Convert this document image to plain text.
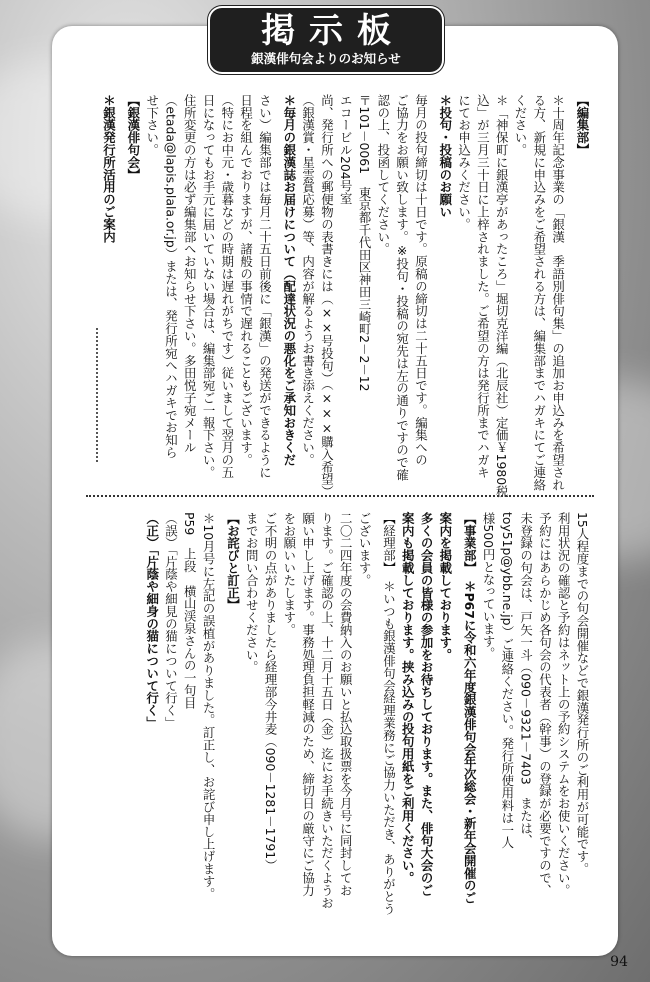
掲示板
銀漢俳句会よりのお知らせ
【編集部】
＊十周年記念事業の「銀漢　季語別俳句集」の追加お申込みを希望され
る方、新規に申込みをご希望される方は、編集部までハガキにてご連絡
ください。
＊「神保町に銀漢亭があったころ」堀切克洋編（北辰社）定価￥1980税
込」が三月三十日に上梓されました。ご希望の方は発行所までハガキ
にてお申込みください。
＊投句・投稿のお願い
毎月の投句締切は十日です。原稿の締切は二十五日です。編集への
ご協力をお願い致します。※投句・投稿の宛先は左の通りですので確
認の上、投函してください。
〒101－0061　東京都千代田区神田三崎町2－2－12
エコービル204号室
尚、発行所への郵便物の表書きには（××号投句）（×××購入希望）
（銀漢賞・星雲賞応募）等、内容が解るようお書き添えください。
＊毎月の銀漢誌お届けについて（配達状況の悪化をご承知おきくだ
さい）編集部では毎月二十五日前後に「銀漢」の発送ができるように
日程を組んでおりますが、諸般の事情で遅れることもございます。
（特にお中元・歳暮などの時期は遅れがちです）従いまして翌月の五
日になってもお手元に届いていない場合は、編集部宛ご一報下さい。
住所変更の方は必ず編集部へお知らせ下さい。多田悦子宛メール
（etada@lapis.plala.or.jp）または、発行所宛へハガキでお知ら
せ下さい。
【銀漢俳句会】
＊銀漢発行所活用のご案内
15人程度までの句会開催などで銀漢発行所のご利用が可能です。
利用状況の確認と予約はネット上の予約システムをお使いください。
予約にはあらかじめ各句会の代表者（幹事）の登録が必要ですので、
未登録の句会は、戸矢一斗（090－9321－7403　または、
toy51p@ybb.ne.jp）ご連絡ください。発行所使用料は一人
様500円となっています。
【事業部】　＊P67に令和六年度銀漢俳句会年次総会・新年会開催のご
案内を掲載しております。
多くの会員の皆様の参加をお待ちしております。また、俳句大会のご
案内も掲載しております。挟み込みの投句用紙をご利用ください。
【経理部】　＊いつも銀漢俳句会経理業務にご協力いただき、ありがとう
ございます。
二〇二四年度の会費納入のお願いと払込取扱票を今月号に同封してお
ります。ご確認の上、十二月十五日（金）迄にお手続きいただくようお
願い申し上げます。事務処理負担軽減のため、締切日の厳守にご協力
をお願いいたします。
ご不明の点がありましたら経理部今井麦（090－1281－1791）
までお問い合わせください。
【お詫びと訂正】
＊10月号に左記の誤植がありました。訂正し、お詫び申し上げます。
P59　上段　横山渓泉さんの一句目
（誤）「片蔭や細見の猫について行く」
（正）「片蔭や細身の猫について行く」
94
